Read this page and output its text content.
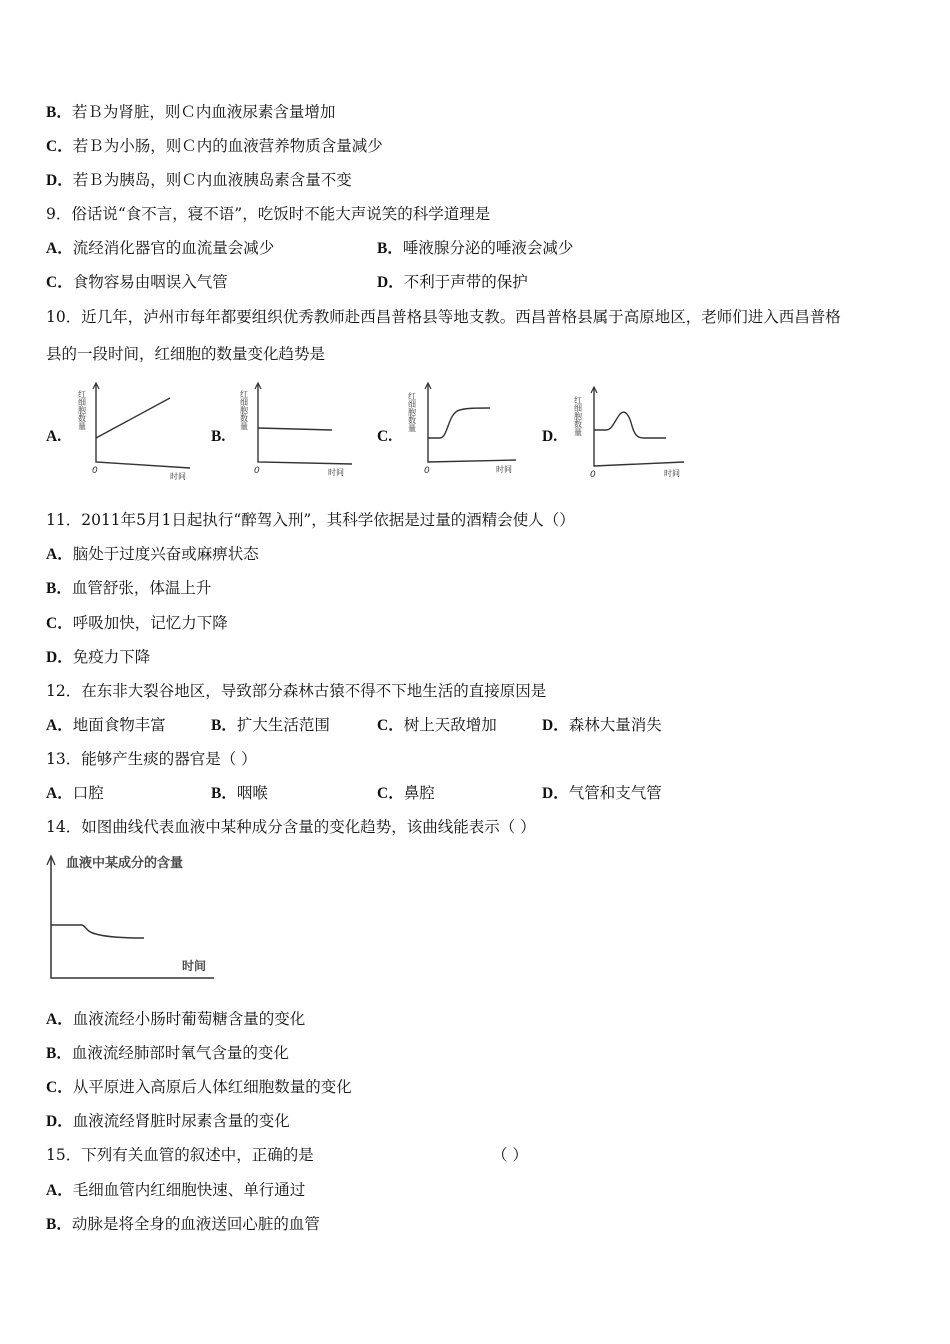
B．若Ｂ为肾脏，则Ｃ内血液尿素含量增加
C．若Ｂ为小肠，则Ｃ内的血液营养物质含量减少
D．若Ｂ为胰岛，则Ｃ内血液胰岛素含量不变
9．俗话说“食不言，寝不语”，吃饭时不能大声说笑的科学道理是
A．流经消化器官的血流量会减少	B．唾液腺分泌的唾液会减少
C．食物容易由咽误入气管	D．不利于声带的保护
10．近几年，泸州市每年都要组织优秀教师赴西昌普格县等地支教。西昌普格县属于高原地区，老师们进入西昌普格
县的一段时间，红细胞的数量变化趋势是
A.	B.	C.	D.
红细胞数量
0
时间
红细胞数量
0	时间
红细胞数量
0	时间
红细胞数量
0	时间
11．2011年5月1日起执行“醉驾入刑”，其科学依据是过量的酒精会使人（）
A．脑处于过度兴奋或麻痹状态
B．血管舒张，体温上升
C．呼吸加快，记忆力下降
D．免疫力下降
12．在东非大裂谷地区，导致部分森林古猿不得不下地生活的直接原因是
A．地面食物丰富	B．扩大生活范围	C．树上天敌增加	D．森林大量消失
13．能够产生痰的器官是（ ）
A．口腔	B．咽喉	C．鼻腔	D．气管和支气管
14．如图曲线代表血液中某种成分含量的变化趋势，该曲线能表示（ ）
血液中某成分的含量
时间
A．血液流经小肠时葡萄糖含量的变化
B．血液流经肺部时氧气含量的变化
C．从平原进入高原后人体红细胞数量的变化
D．血液流经肾脏时尿素含量的变化
15．下列有关血管的叙述中，正确的是	（ ）
A．毛细血管内红细胞快速、单行通过
B．动脉是将全身的血液送回心脏的血管
